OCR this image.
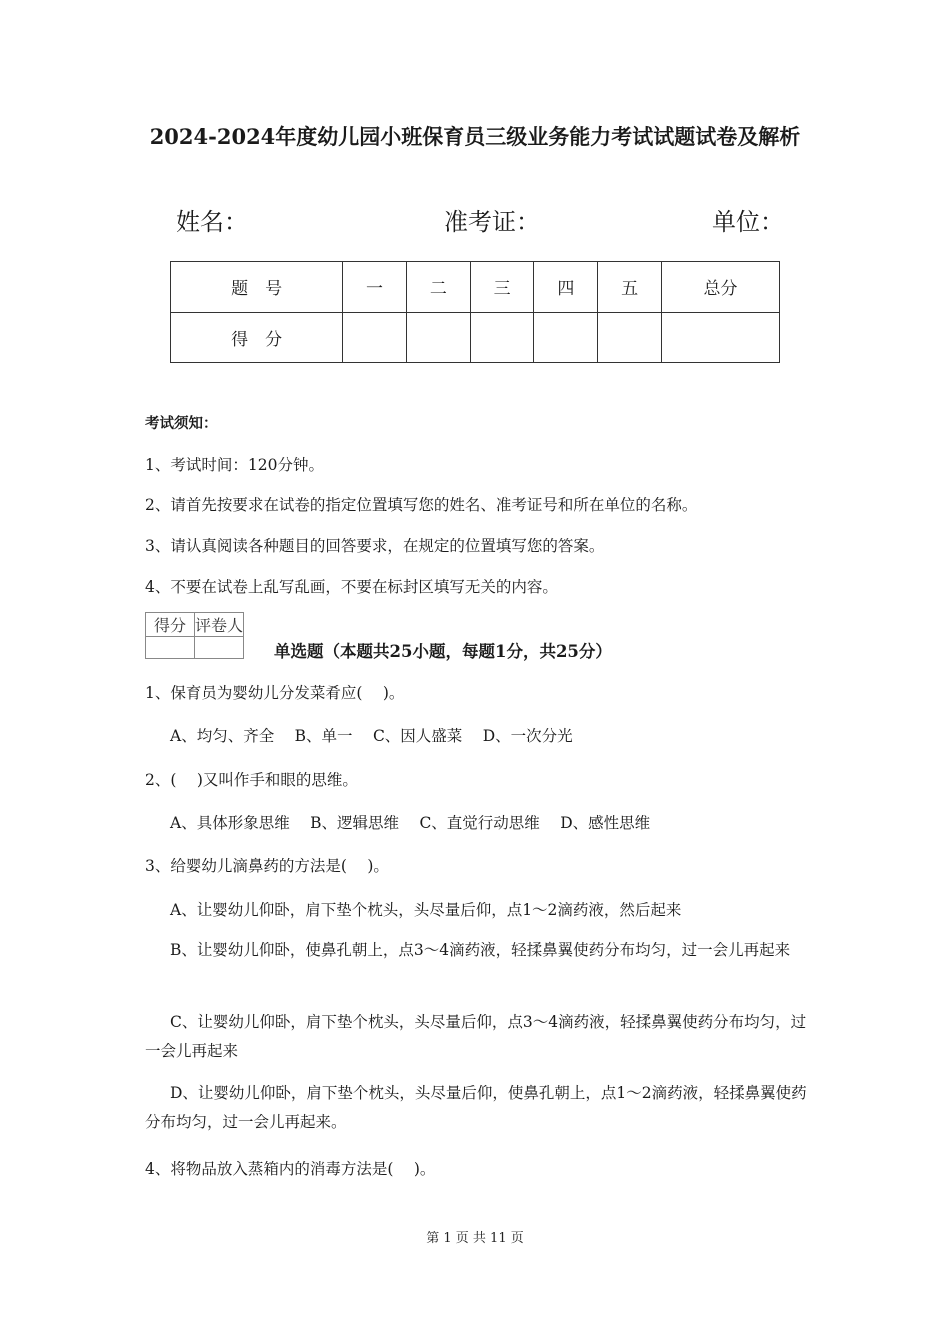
2024-2024年度幼儿园小班保育员三级业务能力考试试题试卷及解析
姓名：	准考证：	单位：
题　号	一	二	三	四	五	总分
得　分						
考试须知：
1、考试时间：120分钟。
2、请首先按要求在试卷的指定位置填写您的姓名、准考证号和所在单位的名称。
3、请认真阅读各种题目的回答要求，在规定的位置填写您的答案。
4、不要在试卷上乱写乱画，不要在标封区填写无关的内容。
得分	评卷人

单选题（本题共25小题，每题1分，共25分）
1、保育员为婴幼儿分发菜肴应(　 )。
A、均匀、齐全　 B、单一　 C、因人盛菜　 D、一次分光
2、(　 )又叫作手和眼的思维。
A、具体形象思维　 B、逻辑思维　 C、直觉行动思维　 D、感性思维
3、给婴幼儿滴鼻药的方法是(　 )。
A、让婴幼儿仰卧，肩下垫个枕头，头尽量后仰，点1～2滴药液，然后起来
B、让婴幼儿仰卧，使鼻孔朝上，点3～4滴药液，轻揉鼻翼使药分布均匀，过一会儿再起来
C、让婴幼儿仰卧，肩下垫个枕头，头尽量后仰，点3～4滴药液，轻揉鼻翼使药分布均匀，过一会儿再起来
D、让婴幼儿仰卧，肩下垫个枕头，头尽量后仰，使鼻孔朝上，点1～2滴药液，轻揉鼻翼使药分布均匀，过一会儿再起来。
4、将物品放入蒸箱内的消毒方法是(　 )。
第 1 页 共 11 页
